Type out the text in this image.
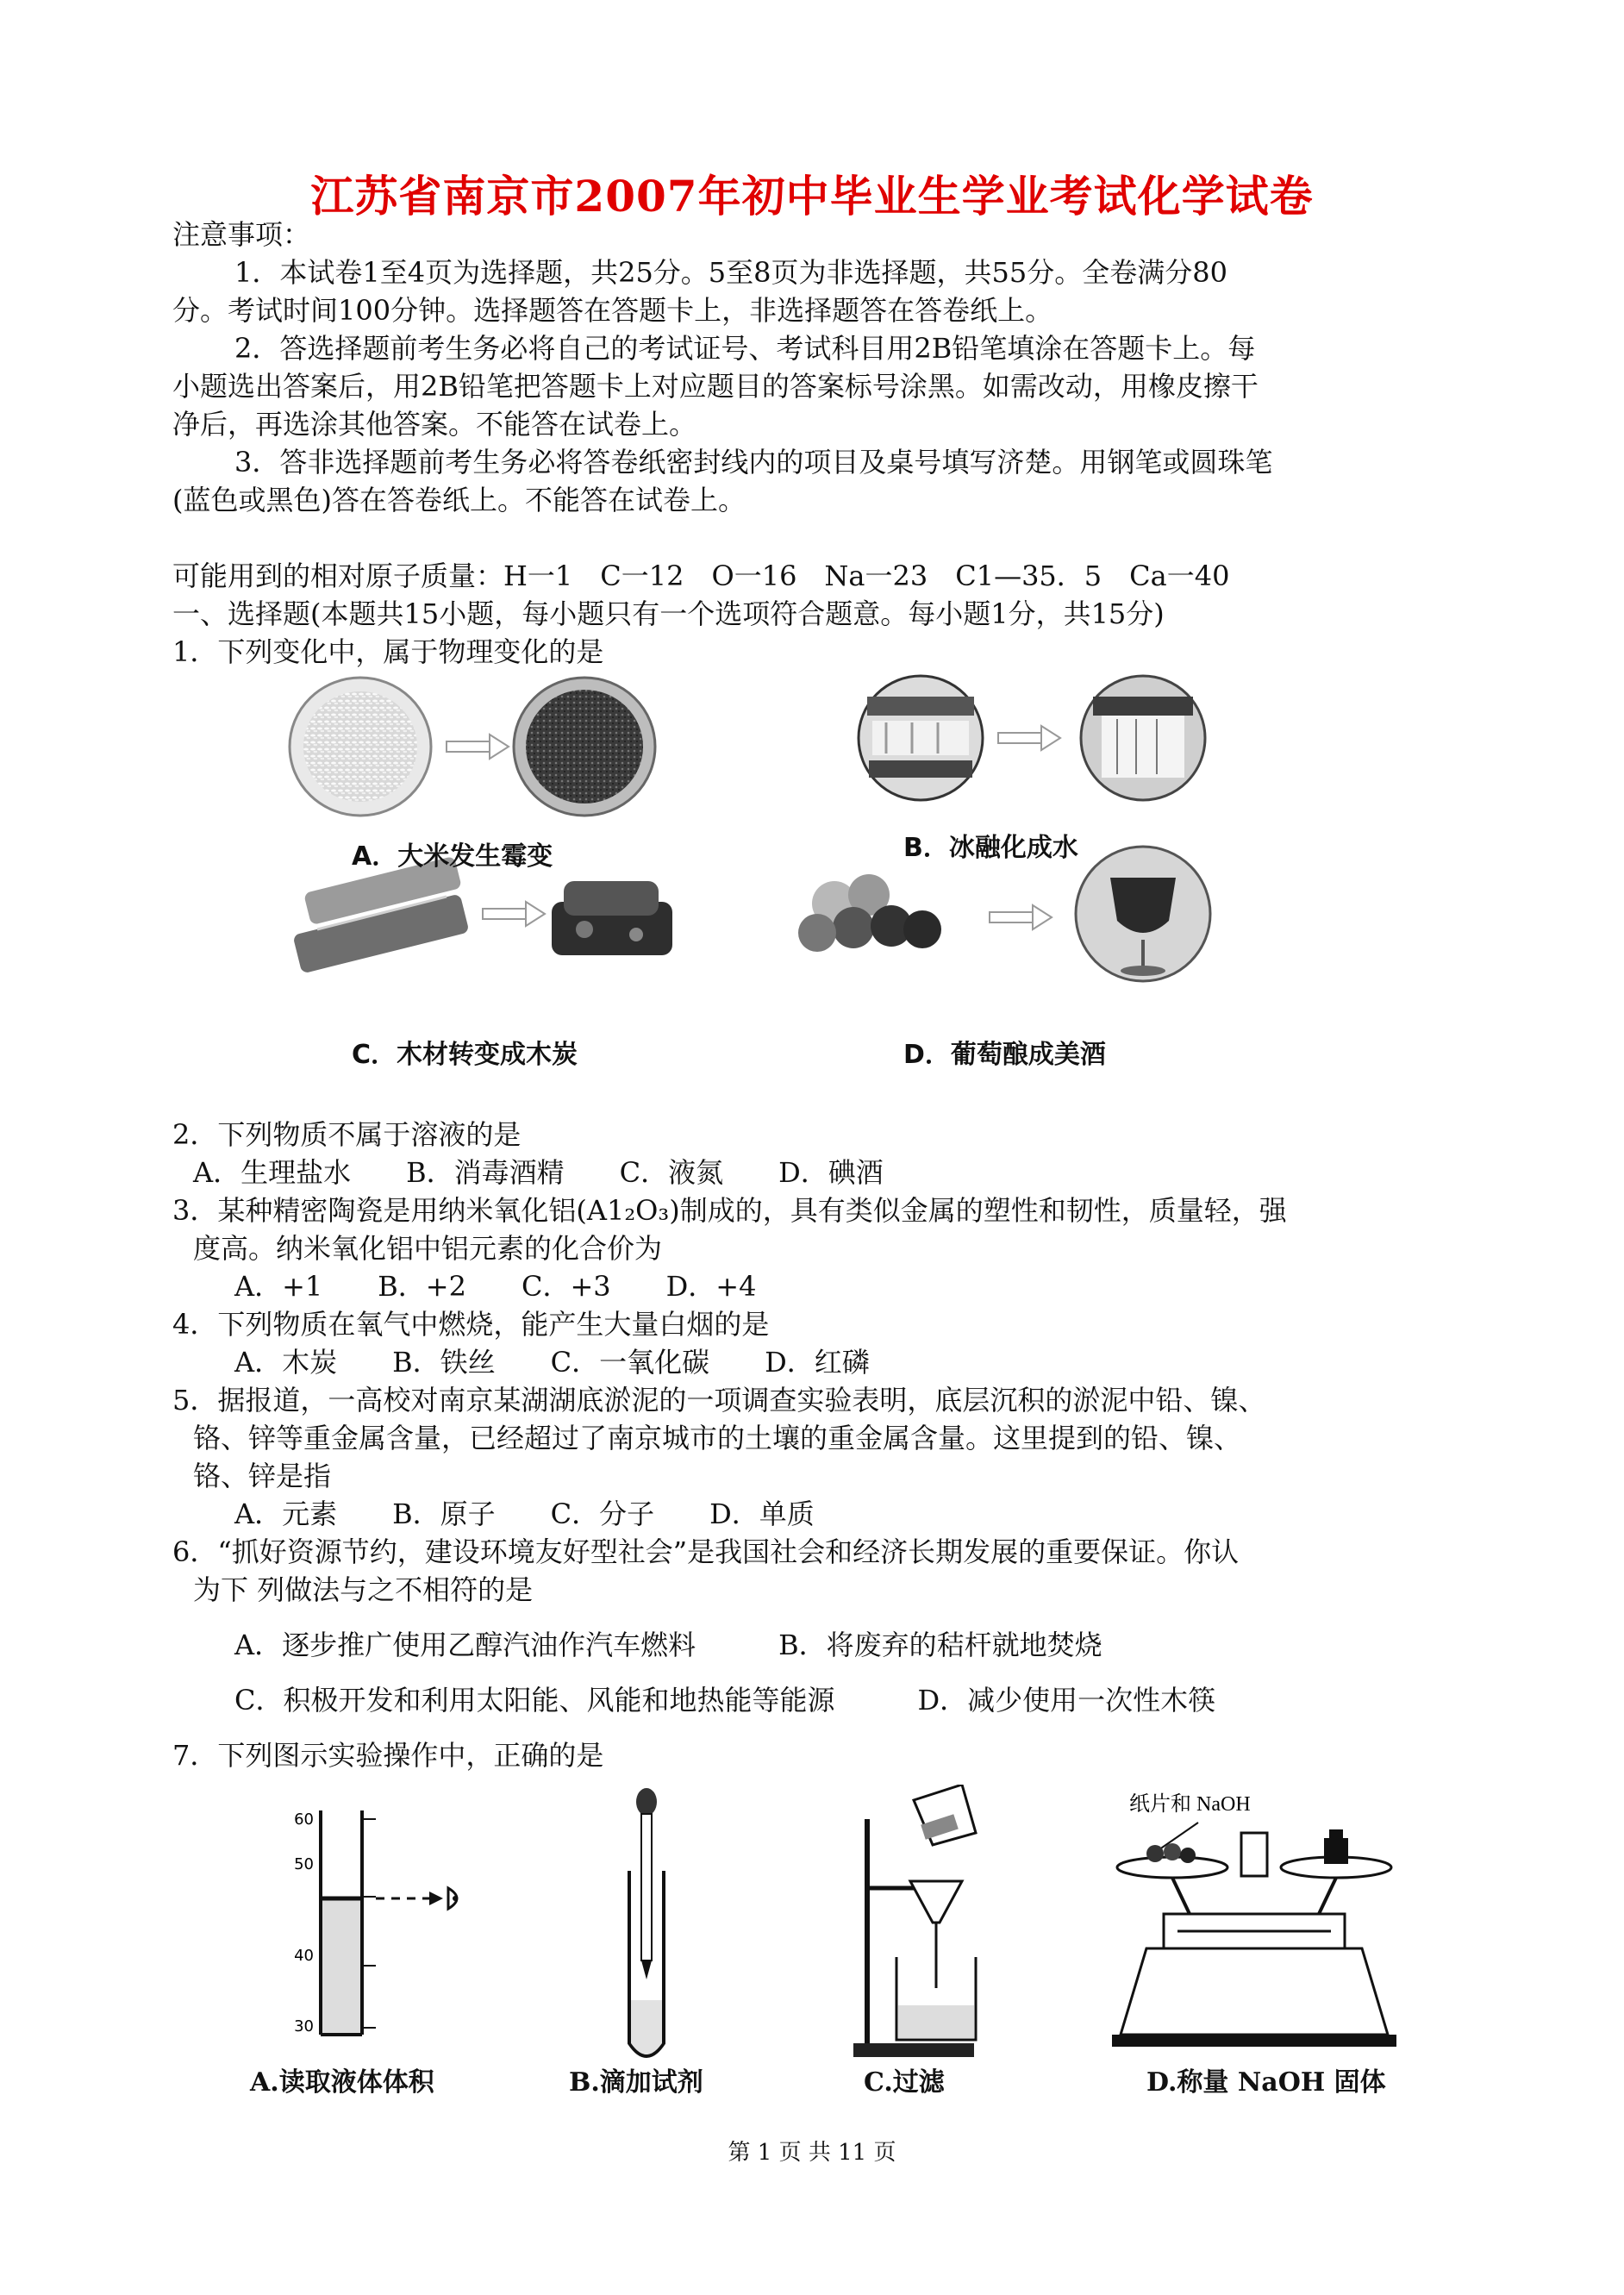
江苏省南京市2007年初中毕业生学业考试化学试卷
注意事项：
1．本试卷1至4页为选择题，共25分。5至8页为非选择题，共55分。全卷满分80
分。考试时间100分钟。选择题答在答题卡上，非选择题答在答卷纸上。
2．答选择题前考生务必将自己的考试证号、考试科目用2B铅笔填涂在答题卡上。每
小题选出答案后，用2B铅笔把答题卡上对应题目的答案标号涂黑。如需改动，用橡皮擦干
净后，再选涂其他答案。不能答在试卷上。
3．答非选择题前考生务必将答卷纸密封线内的项目及桌号填写济楚。用钢笔或圆珠笔
(蓝色或黑色)答在答卷纸上。不能答在试卷上。
可能用到的相对原子质量：H一1　C一12　O一16　Na一23　C1—35．5　Ca一40
一、选择题(本题共15小题，每小题只有一个选项符合题意。每小题1分，共15分)
1．下列变化中，属于物理变化的是
A．大米发生霉变	B．冰融化成水
C．木材转变成木炭	D．葡萄酿成美酒
2．下列物质不属于溶液的是
A．生理盐水　　B．消毒酒精　　C．液氮　　D．碘酒
3．某种精密陶瓷是用纳米氧化铝(A1₂O₃)制成的，具有类似金属的塑性和韧性，质量轻，强
度高。纳米氧化铝中铝元素的化合价为
A．+1　　B．+2　　C．+3　　D．+4
4．下列物质在氧气中燃烧，能产生大量白烟的是
A．木炭　　B．铁丝　　C．一氧化碳　　D．红磷
5．据报道，一高校对南京某湖湖底淤泥的一项调查实验表明，底层沉积的淤泥中铅、镍、
铬、锌等重金属含量，已经超过了南京城市的土壤的重金属含量。这里提到的铅、镍、
铬、锌是指
A．元素　　B．原子　　C．分子　　D．单质
6．“抓好资源节约，建设环境友好型社会”是我国社会和经济长期发展的重要保证。你认
为下 列做法与之不相符的是
A．逐步推广使用乙醇汽油作汽车燃料　　　B．将废弃的秸杆就地焚烧
C．积极开发和利用太阳能、风能和地热能等能源　　　D．减少使用一次性木筷
7．下列图示实验操作中，正确的是
60
50
40
30
纸片和 NaOH
A.读取液体体积	B.滴加试剂	C.过滤	D.称量 NaOH 固体
第 1 页 共 11 页
